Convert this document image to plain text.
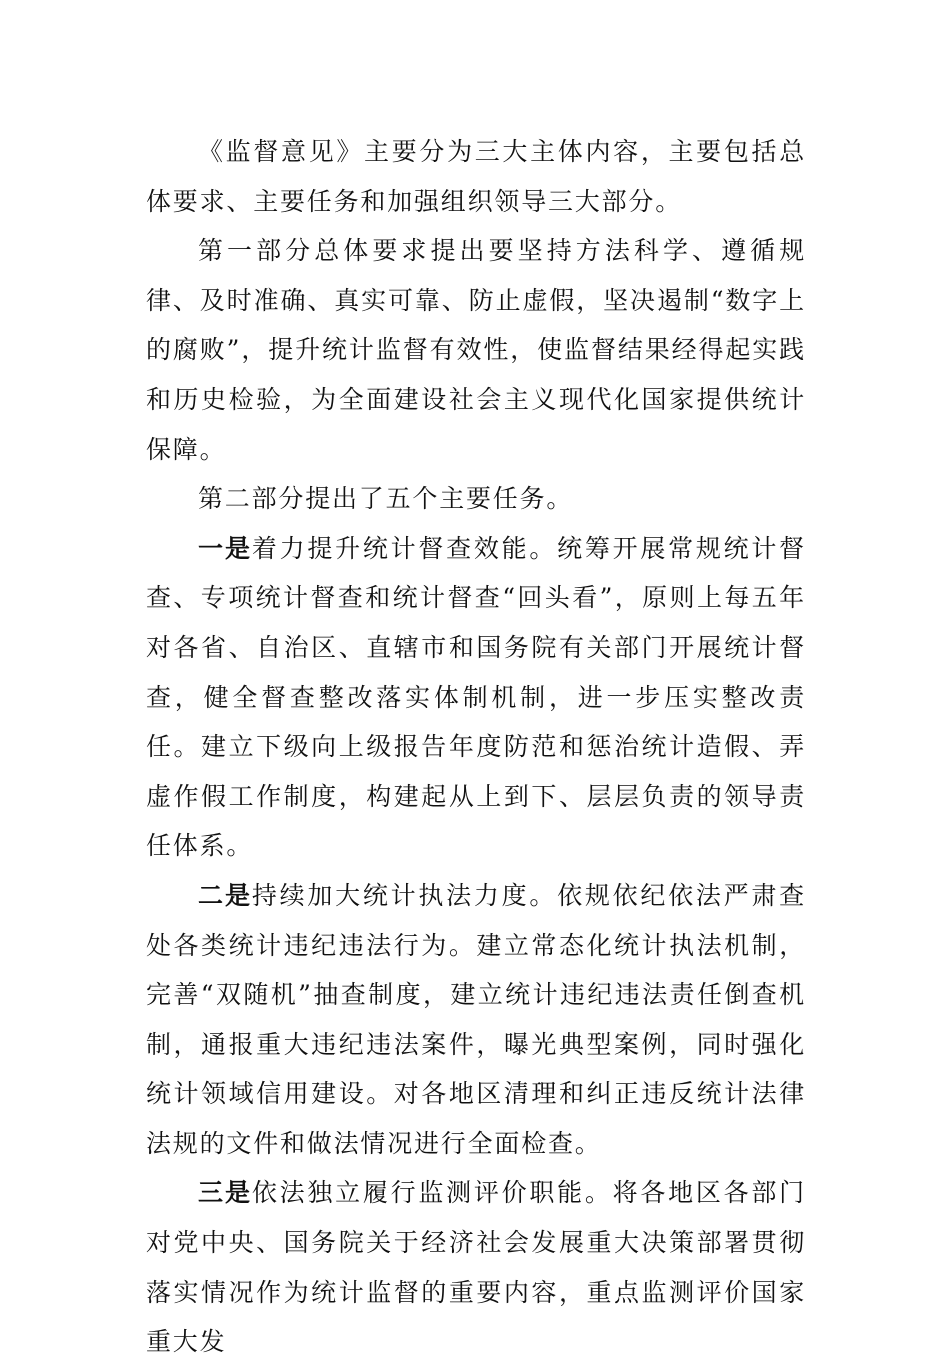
《监督意见》主要分为三大主体内容，主要包括总体要求、主要任务和加强组织领导三大部分。

第一部分总体要求提出要坚持方法科学、遵循规律、及时准确、真实可靠、防止虚假，坚决遏制“数字上的腐败”，提升统计监督有效性，使监督结果经得起实践和历史检验，为全面建设社会主义现代化国家提供统计保障。

第二部分提出了五个主要任务。

一是着力提升统计督查效能。统筹开展常规统计督查、专项统计督查和统计督查“回头看”，原则上每五年对各省、自治区、直辖市和国务院有关部门开展统计督查，健全督查整改落实体制机制，进一步压实整改责任。建立下级向上级报告年度防范和惩治统计造假、弄虚作假工作制度，构建起从上到下、层层负责的领导责任体系。

二是持续加大统计执法力度。依规依纪依法严肃查处各类统计违纪违法行为。建立常态化统计执法机制，完善“双随机”抽查制度，建立统计违纪违法责任倒查机制，通报重大违纪违法案件，曝光典型案例，同时强化统计领域信用建设。对各地区清理和纠正违反统计法律法规的文件和做法情况进行全面检查。

三是依法独立履行监测评价职能。将各地区各部门对党中央、国务院关于经济社会发展重大决策部署贯彻落实情况作为统计监督的重要内容，重点监测评价国家重大发
